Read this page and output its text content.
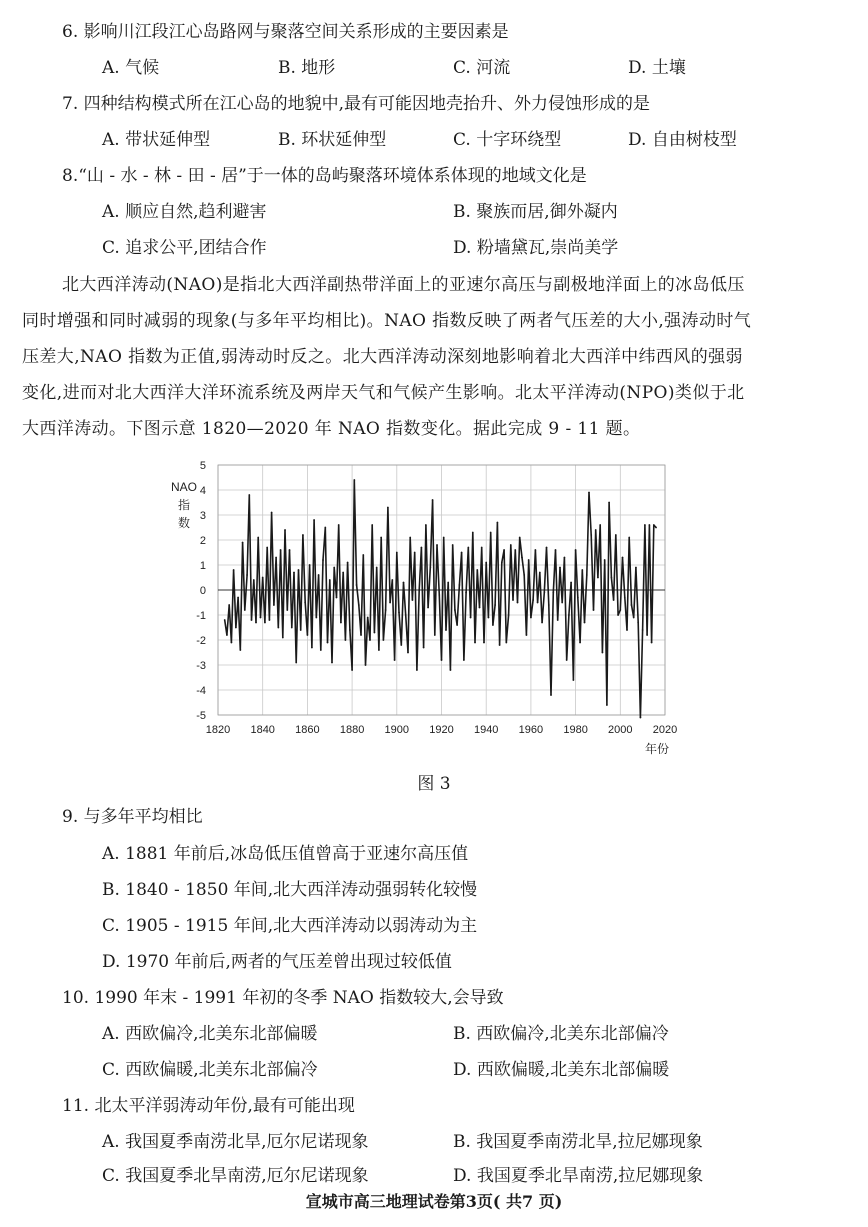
6. 影响川江段江心岛路网与聚落空间关系形成的主要因素是
A. 气候	B. 地形	C. 河流	D. 土壤
7. 四种结构模式所在江心岛的地貌中,最有可能因地壳抬升、外力侵蚀形成的是
A. 带状延伸型	B. 环状延伸型	C. 十字环绕型	D. 自由树枝型
8.“山 - 水 - 林 - 田 - 居”于一体的岛屿聚落环境体系体现的地域文化是
A. 顺应自然,趋利避害	B. 聚族而居,御外凝内
C. 追求公平,团结合作	D. 粉墙黛瓦,崇尚美学
北大西洋涛动(NAO)是指北大西洋副热带洋面上的亚速尔高压与副极地洋面上的冰岛低压
同时增强和同时减弱的现象(与多年平均相比)。NAO 指数反映了两者气压差的大小,强涛动时气
压差大,NAO 指数为正值,弱涛动时反之。北大西洋涛动深刻地影响着北大西洋中纬西风的强弱
变化,进而对北大西洋大洋环流系统及两岸天气和气候产生影响。北太平洋涛动(NPO)类似于北
大西洋涛动。下图示意 1820—2020 年 NAO 指数变化。据此完成 9 - 11 题。
-5
-4
-3
-2
-1
0
1
2
3
4
5
1820 1840 1860 1880 1900 1920 1940 1960 1980 2000 2020
NAO
指
数
年份
图 3
9. 与多年平均相比
A. 1881 年前后,冰岛低压值曾高于亚速尔高压值
B. 1840 - 1850 年间,北大西洋涛动强弱转化较慢
C. 1905 - 1915 年间,北大西洋涛动以弱涛动为主
D. 1970 年前后,两者的气压差曾出现过较低值
10. 1990 年末 - 1991 年初的冬季 NAO 指数较大,会导致
A. 西欧偏冷,北美东北部偏暖	B. 西欧偏冷,北美东北部偏冷
C. 西欧偏暖,北美东北部偏冷	D. 西欧偏暖,北美东北部偏暖
11. 北太平洋弱涛动年份,最有可能出现
A. 我国夏季南涝北旱,厄尔尼诺现象	B. 我国夏季南涝北旱,拉尼娜现象
C. 我国夏季北旱南涝,厄尔尼诺现象	D. 我国夏季北旱南涝,拉尼娜现象
宣城市高三地理试卷第3页( 共7 页)
